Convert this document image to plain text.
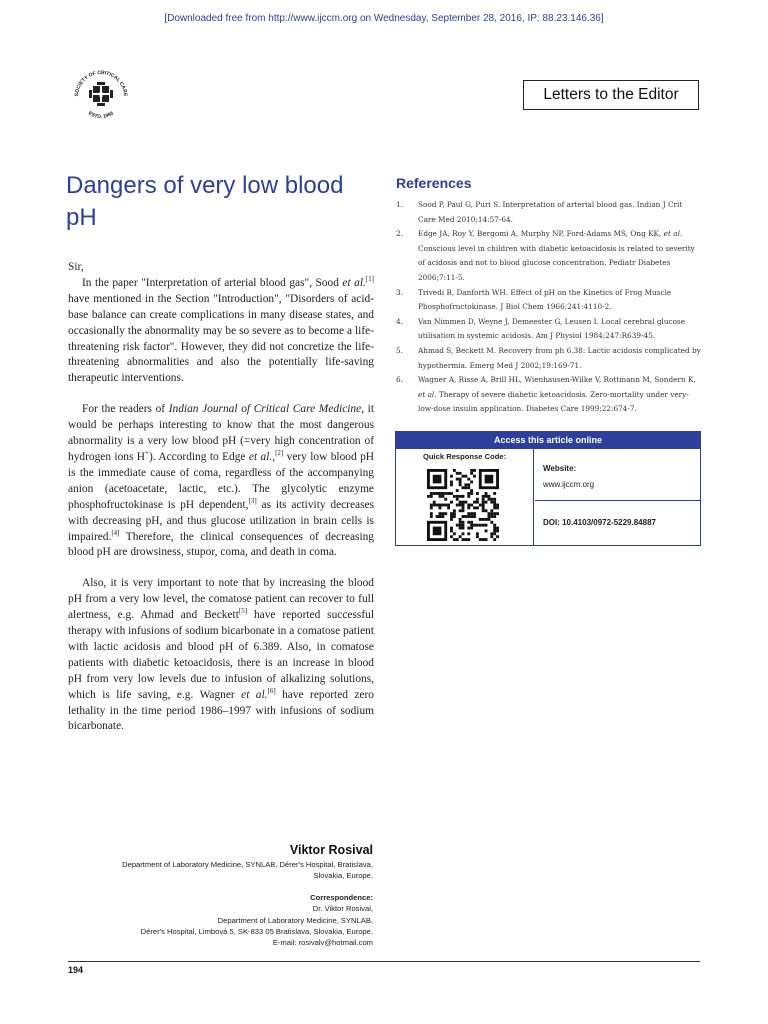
[Downloaded free from http://www.ijccm.org on Wednesday, September 28, 2016, IP: 88.23.146.36]
SOCIETY OF CRITICAL CARE
ESTD. 1993
Letters to the Editor
Dangers of very low blood pH

Sir,

In the paper "Interpretation of arterial blood gas", Sood et al.[1] have mentioned in the Section "Introduction", "Disorders of acid-base balance can create complications in many disease states, and occasionally the abnormality may be so severe as to become a life-threatening risk factor". However, they did not concretize the life-threatening abnormalities and also the potentially life-saving therapeutic interventions.

For the readers of Indian Journal of Critical Care Medicine, it would be perhaps interesting to know that the most dangerous abnormality is a very low blood pH (=very high concentration of hydrogen ions H+). According to Edge et al.,[2] very low blood pH is the immediate cause of coma, regardless of the accompanying anion (acetoacetate, lactic, etc.). The glycolytic enzyme phosphofructokinase is pH dependent,[3] as its activity decreases with decreasing pH, and thus glucose utilization in brain cells is impaired.[4] Therefore, the clinical consequences of decreasing blood pH are drowsiness, stupor, coma, and death in coma.

Also, it is very important to note that by increasing the blood pH from a very low level, the comatose patient can recover to full alertness, e.g. Ahmad and Beckett[5] have reported successful therapy with infusions of sodium bicarbonate in a comatose patient with lactic acidosis and blood pH of 6.389. Also, in comatose patients with diabetic ketoacidosis, there is an increase in blood pH from very low levels due to infusion of alkalizing solutions, which is life saving, e.g. Wagner et al.[6] have reported zero lethality in the time period 1986–1997 with infusions of sodium bicarbonate.

Viktor Rosival
Department of Laboratory Medicine, SYNLAB, Dérer's Hospital, Bratislava,
Slovakia, Europe.
Correspondence:
Dr. Viktor Rosival,
Department of Laboratory Medicine, SYNLAB,
Dérer's Hospital, Limbová 5, SK-833 05 Bratislava, Slovakia, Europe.
E-mail: rosivalv@hotmail.com
References
1.	Sood P, Paul G, Puri S. Interpretation of arterial blood gas. Indian J Crit Care Med 2010;14:57-64.
2.	Edge JA, Roy Y, Bergomi A, Murphy NP, Ford-Adams MS, Ong KK, et al. Conscious level in children with diabetic ketoacidosis is related to severity of acidosis and not to blood glucose concentration. Pediatr Diabetes 2006;7:11-5.
3.	Trivedi B, Danforth WH. Effect of pH on the Kinetics of Frog Muscle Phosphofructokinase. J Biol Chem 1966;241:4110-2.
4.	Van Nimmen D, Weyne J, Demeester G, Leusen I. Local cerebral glucose utilisation in systemic acidosis. Am J Physiol 1984;247:R639-45.
5.	Ahmad S, Beckett M. Recovery from ph 6.38: Lactic acidosis complicated by hypothermia. Emerg Med J 2002;19:169-71.
6.	Wagner A, Risse A, Brill HL, Wienhausen-Wilke V, Rottmann M, Sondern K, et al. Therapy of severe diabetic ketoacidosis. Zero-mortality under very-low-dose insulin application. Diabetes Care 1999;22:674-7.
Access this article online
Quick Response Code:
Website:
www.ijccm.org
DOI: 10.4103/0972-5229.84887
194
